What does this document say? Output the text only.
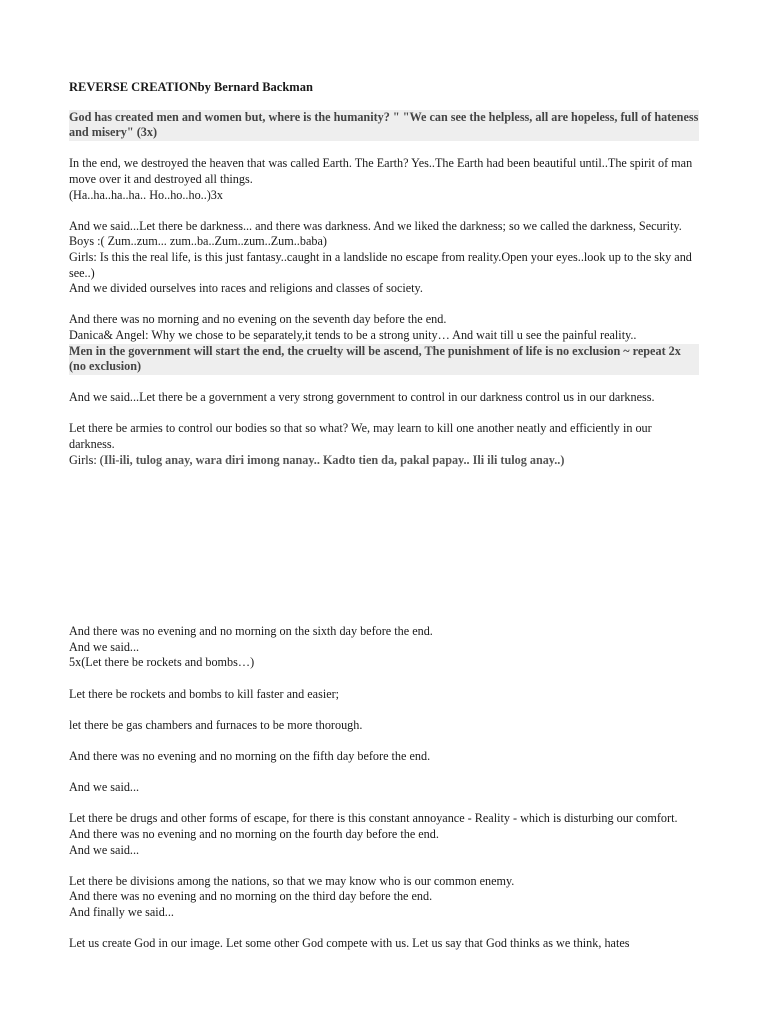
REVERSE CREATIONby Bernard Backman

God has created men and women but, where is the humanity? " "We can see the helpless, all are hopeless, full of hateness and misery" (3x)

In the end, we destroyed the heaven that was called Earth. The Earth? Yes..The Earth had been beautiful until..The spirit of man move over it and destroyed all things.

(Ha..ha..ha..ha.. Ho..ho..ho..)3x

And we said...Let there be darkness... and there was darkness. And we liked the darkness; so we called the darkness, Security.

Boys :( Zum..zum... zum..ba..Zum..zum..Zum..baba)

Girls: Is this the real life, is this just fantasy..caught in a landslide no escape from reality.Open your eyes..look up to the sky and see..)

And we divided ourselves into races and religions and classes of society.

And there was no morning and no evening on the seventh day before the end.

Danica& Angel: Why we chose to be separately,it tends to be a strong unity… And wait till u see the painful reality..

Men in the government will start the end, the cruelty will be ascend, The punishment of life is no exclusion ~ repeat 2x (no exclusion)

And we said...Let there be a government a very strong government to control in our darkness control us in our darkness.

Let there be armies to control our bodies so that so what? We, may learn to kill one another neatly and efficiently in our darkness.

Girls: (Ili-ili, tulog anay, wara diri imong nanay.. Kadto tien da, pakal papay.. Ili ili tulog anay..)

And there was no evening and no morning on the sixth day before the end.

And we said...

5x(Let there be rockets and bombs…)

Let there be rockets and bombs to kill faster and easier;

let there be gas chambers and furnaces to be more thorough.

And there was no evening and no morning on the fifth day before the end.

And we said...

Let there be drugs and other forms of escape, for there is this constant annoyance - Reality - which is disturbing our comfort.

And there was no evening and no morning on the fourth day before the end.

And we said...

Let there be divisions among the nations, so that we may know who is our common enemy.

And there was no evening and no morning on the third day before the end.

And finally we said...

Let us create God in our image. Let some other God compete with us. Let us say that God thinks as we think, hates
